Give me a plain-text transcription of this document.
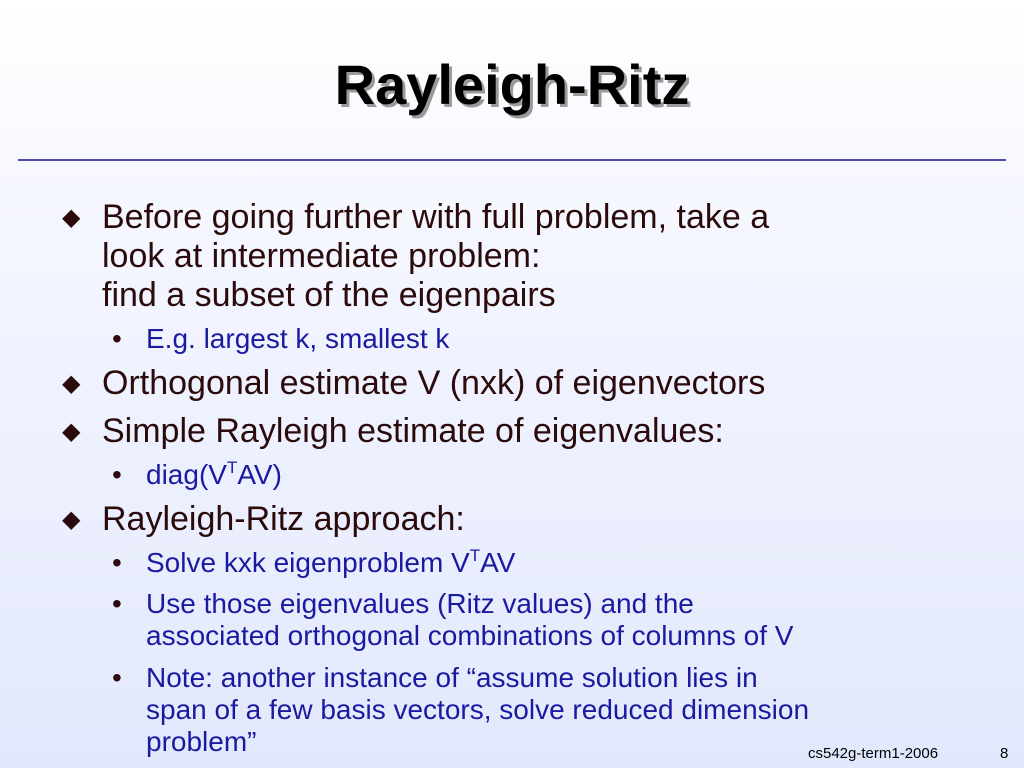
Rayleigh-Ritz
◆ Before going further with full problem, take a
look at intermediate problem:
find a subset of the eigenpairs
• E.g. largest k, smallest k
◆ Orthogonal estimate V (nxk) of eigenvectors
◆ Simple Rayleigh estimate of eigenvalues:
• $diag(V^TAV)$
◆ Rayleigh-Ritz approach:
• Solve kxk eigenproblem $V^TAV$
• Use those eigenvalues (Ritz values) and the
associated orthogonal combinations of columns of V
• Note: another instance of “assume solution lies in
span of a few basis vectors, solve reduced dimension
problem”	cs542g-term1-2006	8
